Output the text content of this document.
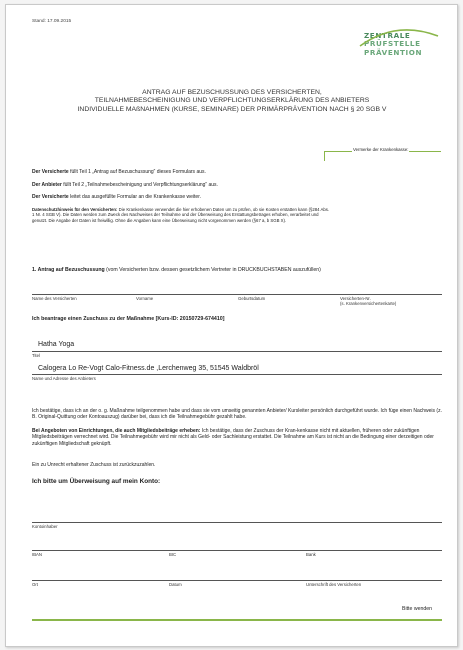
Stand: 17.09.2015
ZENTRALE
PRÜFSTELLE
PRÄVENTION
ANTRAG AUF BEZUSCHUSSUNG DES VERSICHERTEN,
TEILNAHMEBESCHEINIGUNG UND VERPFLICHTUNGSERKLÄRUNG DES ANBIETERS
INDIVIDUELLE MAßNAHMEN (KURSE, SEMINARE) DER PRIMÄRPRÄVENTION NACH § 20 SGB V
Vermerke der Krankenkasse:
Der Versicherte füllt Teil 1 „Antrag auf Bezuschussung“ dieses Formulars aus.
Der Anbieter füllt Teil 2 „Teilnahmebescheinigung und Verpflichtungserklärung“ aus.
Der Versicherte leitet das ausgefüllte Formular an die Krankenkasse weiter.
Datenschutzhinweis für den Versicherten: Die Krankenkasse verwendet die hier erhobenen Daten um zu prüfen, ob sie Kosten erstatten kann (§284 Abs. 1 Nr. 4 SGB V). Die Daten werden zum Zweck des Nachweises der Teilnahme und der Überweisung des Erstattungsbetrages erhoben, verarbeitet und genutzt. Die Angabe der Daten ist freiwillig. Ohne die Angaben kann eine Überweisung nicht vorgenommen werden (§67 a, b SGB X).
1. Antrag auf Bezuschussung (vom Versicherten bzw. dessen gesetzlichem Vertreter in DRUCKBUCHSTABEN auszufüllen)
Name des Versicherten	Vorname	Geburtsdatum	Versicherten-Nr.
(s. Krankenversichertenkarte)
Ich beantrage einen Zuschuss zu der Maßnahme [Kurs-ID: 20150729-674410]
Hatha Yoga
Titel
Calogera Lo Re-Vogt Calo-Fitness.de ,Lerchenweg 35, 51545 Waldbröl
Name und Adresse des Anbieters
Ich bestätige, dass ich an der o. g. Maßnahme teilgenommen habe und dass sie vom umseitig genannten Anbieter/ Kursleiter persönlich durchgeführt wurde. Ich füge einen Nachweis (z. B. Original-Quittung oder Kontoauszug) darüber bei, dass ich die Teilnahmegebühr gezahlt habe.
Bei Angeboten von Einrichtungen, die auch Mitgliedsbeiträge erheben: Ich bestätige, dass der Zuschuss der Kran-kenkasse nicht mit aktuellen, früheren oder zukünftigen Mitgliedsbeiträgen verrechnet wird. Die Teilnahmegebühr wird mir nicht als Geld- oder Sachleistung erstattet. Die Teilnahme am Kurs ist nicht an die Bedingung einer derzeitigen oder zukünftigen Mitgliedschaft geknüpft.
Ein zu Unrecht erhaltener Zuschuss ist zurückzuzahlen.
Ich bitte um Überweisung auf mein Konto:
Kontoinhaber
IBAN	BIC	Bank
Ort	Datum	Unterschrift des Versicherten
Bitte wenden
